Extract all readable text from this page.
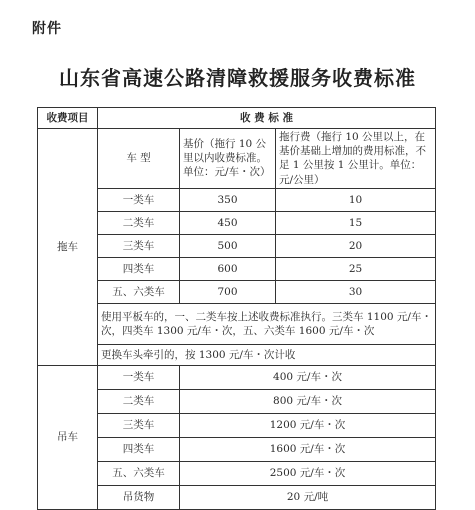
附件
山东省高速公路清障救援服务收费标准
收费项目	收 费 标 准		
拖车	车 型	基价（拖行 10 公里以内收费标准。单位：元/车・次）	拖行费（拖行 10 公里以上，在基价基础上增加的费用标准，不足 1 公里按 1 公里计。单位：元/公里）
	一类车	350	10
	二类车	450	15
	三类车	500	20
	四类车	600	25
	五、六类车	700	30
	使用平板车的，一、二类车按上述收费标准执行。三类车 1100 元/车・次，四类车 1300 元/车・次，五、六类车 1600 元/车・次		
	更换车头牵引的，按 1300 元/车・次计收		
吊车	一类车	400 元/车・次	
	二类车	800 元/车・次	
	三类车	1200 元/车・次	
	四类车	1600 元/车・次	
	五、六类车	2500 元/车・次	
	吊货物	20 元/吨	
